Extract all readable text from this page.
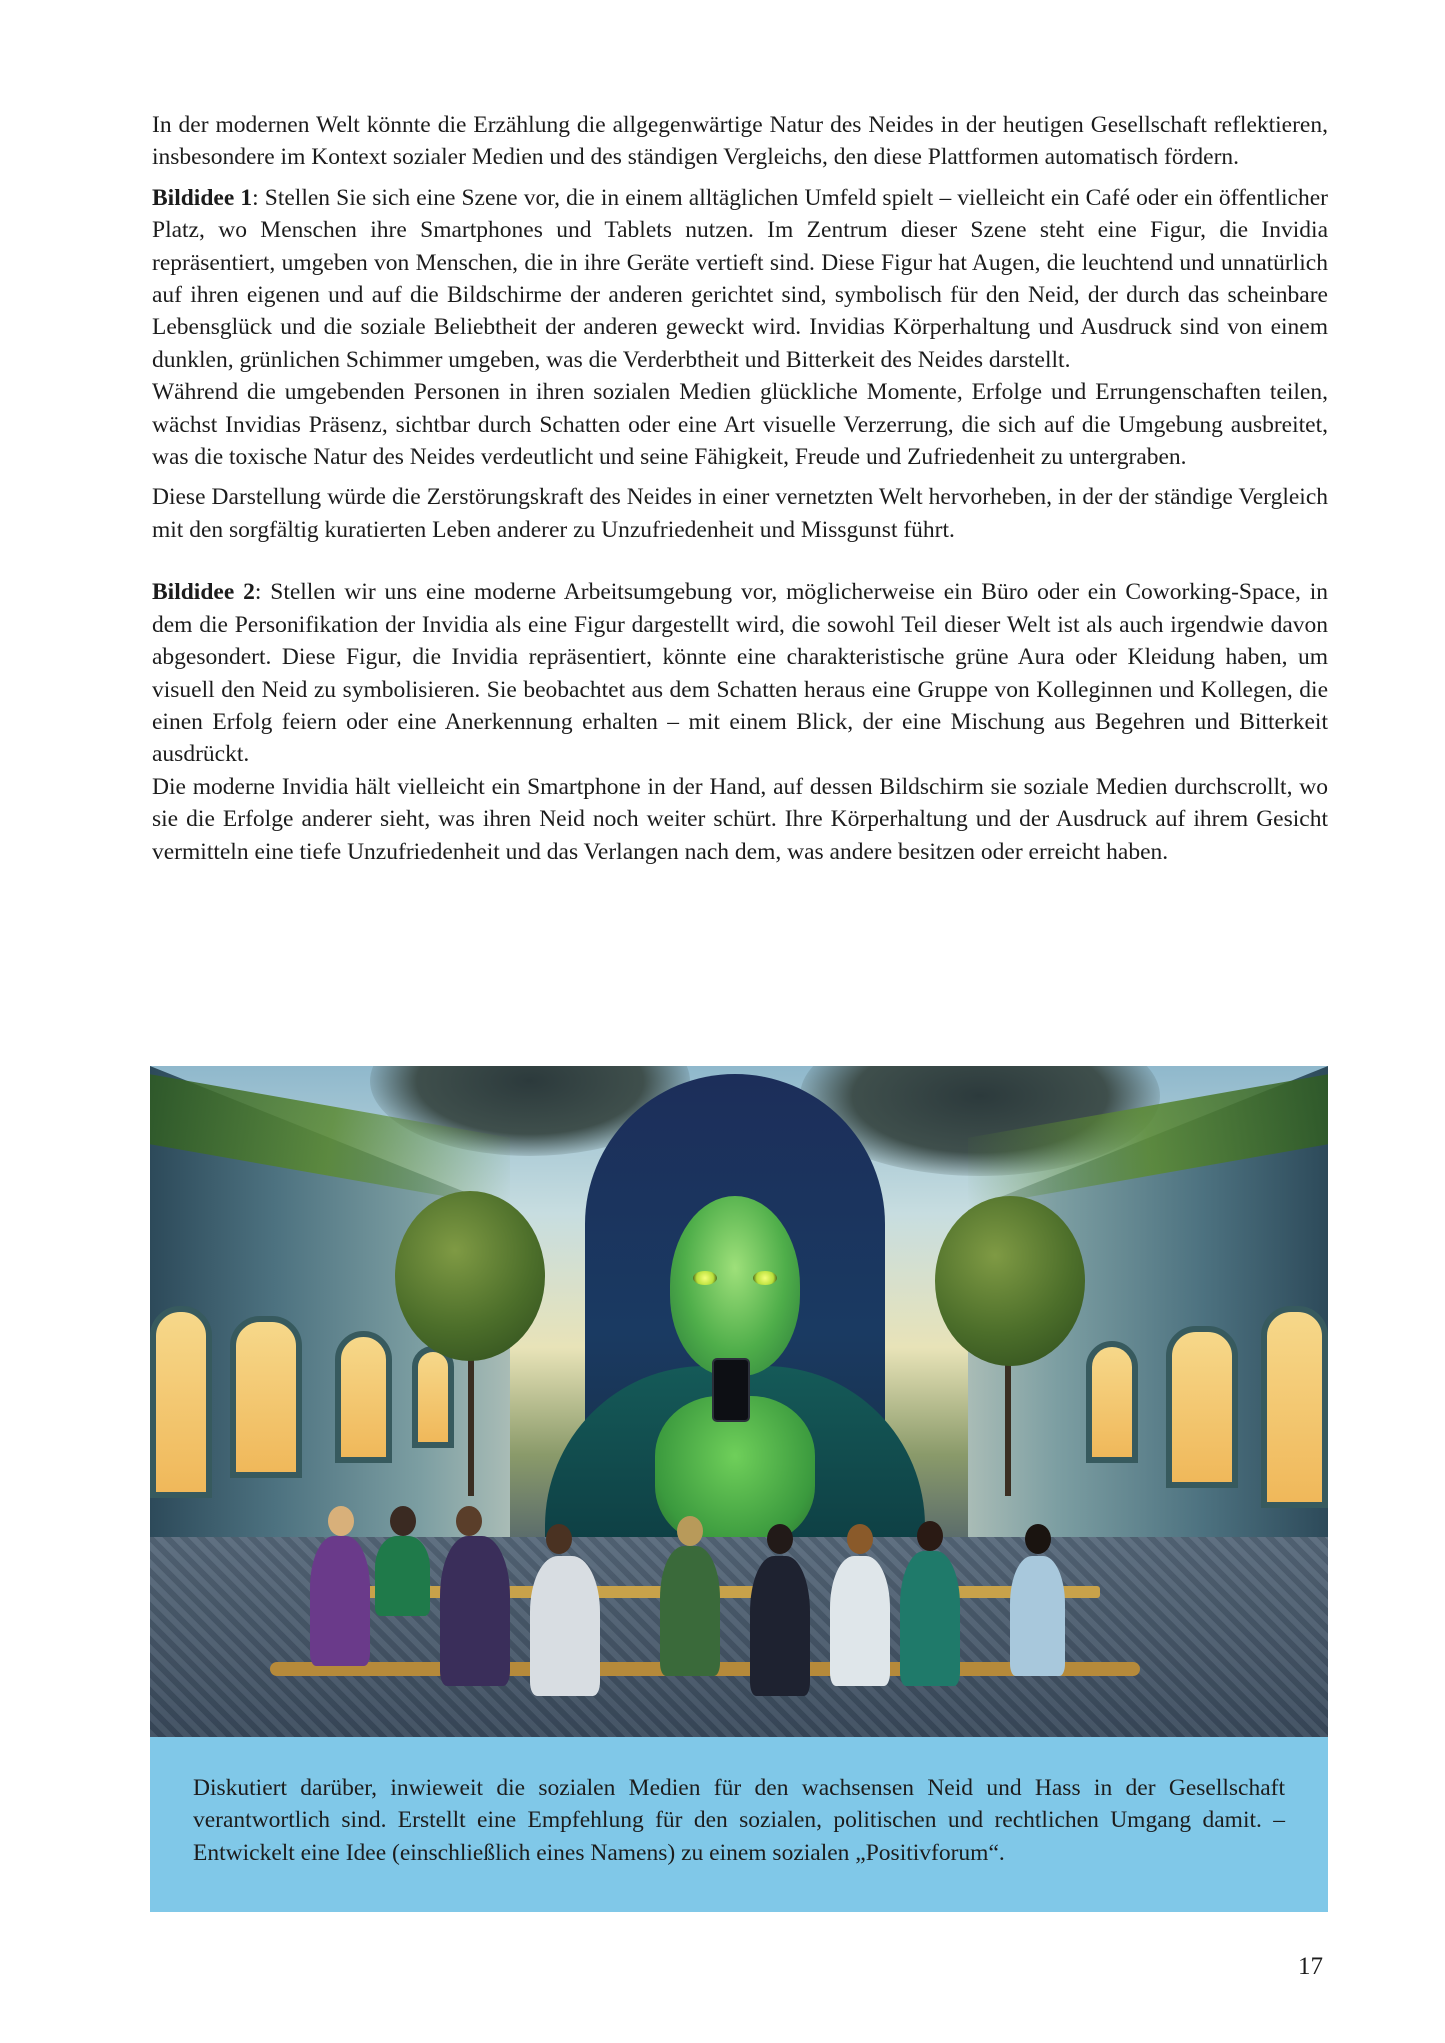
In der modernen Welt könnte die Erzählung die allgegenwärtige Natur des Neides in der heutigen Gesellschaft reflektieren, insbesondere im Kontext sozialer Medien und des ständigen Vergleichs, den diese Plattformen automatisch fördern.

Bildidee 1: Stellen Sie sich eine Szene vor, die in einem alltäglichen Umfeld spielt – vielleicht ein Café oder ein öffentlicher Platz, wo Menschen ihre Smartphones und Tablets nutzen. Im Zentrum dieser Szene steht eine Figur, die Invidia repräsentiert, umgeben von Menschen, die in ihre Geräte vertieft sind. Diese Figur hat Augen, die leuchtend und unnatürlich auf ihren eigenen und auf die Bildschirme der anderen gerichtet sind, symbolisch für den Neid, der durch das scheinbare Lebensglück und die soziale Beliebtheit der anderen geweckt wird. Invidias Körperhaltung und Ausdruck sind von einem dunklen, grünlichen Schimmer umgeben, was die Verderbtheit und Bitterkeit des Neides darstellt.

Während die umgebenden Personen in ihren sozialen Medien glückliche Momente, Erfolge und Errungenschaften teilen, wächst Invidias Präsenz, sichtbar durch Schatten oder eine Art visuelle Verzerrung, die sich auf die Umgebung ausbreitet, was die toxische Natur des Neides verdeutlicht und seine Fähigkeit, Freude und Zufriedenheit zu untergraben.

Diese Darstellung würde die Zerstörungskraft des Neides in einer vernetzten Welt hervorheben, in der der ständige Vergleich mit den sorgfältig kuratierten Leben anderer zu Unzufriedenheit und Missgunst führt.

Bildidee 2: Stellen wir uns eine moderne Arbeitsumgebung vor, möglicherweise ein Büro oder ein Coworking-Space, in dem die Personifikation der Invidia als eine Figur dargestellt wird, die sowohl Teil dieser Welt ist als auch irgendwie davon abgesondert. Diese Figur, die Invidia repräsentiert, könnte eine charakteristische grüne Aura oder Kleidung haben, um visuell den Neid zu symbolisieren. Sie beobachtet aus dem Schatten heraus eine Gruppe von Kolleginnen und Kollegen, die einen Erfolg feiern oder eine Anerkennung erhalten – mit einem Blick, der eine Mischung aus Begehren und Bitterkeit ausdrückt.

Die moderne Invidia hält vielleicht ein Smartphone in der Hand, auf dessen Bildschirm sie soziale Medien durchscrollt, wo sie die Erfolge anderer sieht, was ihren Neid noch weiter schürt. Ihre Körperhaltung und der Ausdruck auf ihrem Gesicht vermitteln eine tiefe Unzufriedenheit und das Verlangen nach dem, was andere besitzen oder erreicht haben.

Diskutiert darüber, inwieweit die sozialen Medien für den wachsensen Neid und Hass in der Gesellschaft verantwortlich sind. Erstellt eine Empfehlung für den sozialen, politischen und rechtlichen Umgang damit. – Entwickelt eine Idee (einschließlich eines Namens) zu einem sozialen „Positivforum“.

17
